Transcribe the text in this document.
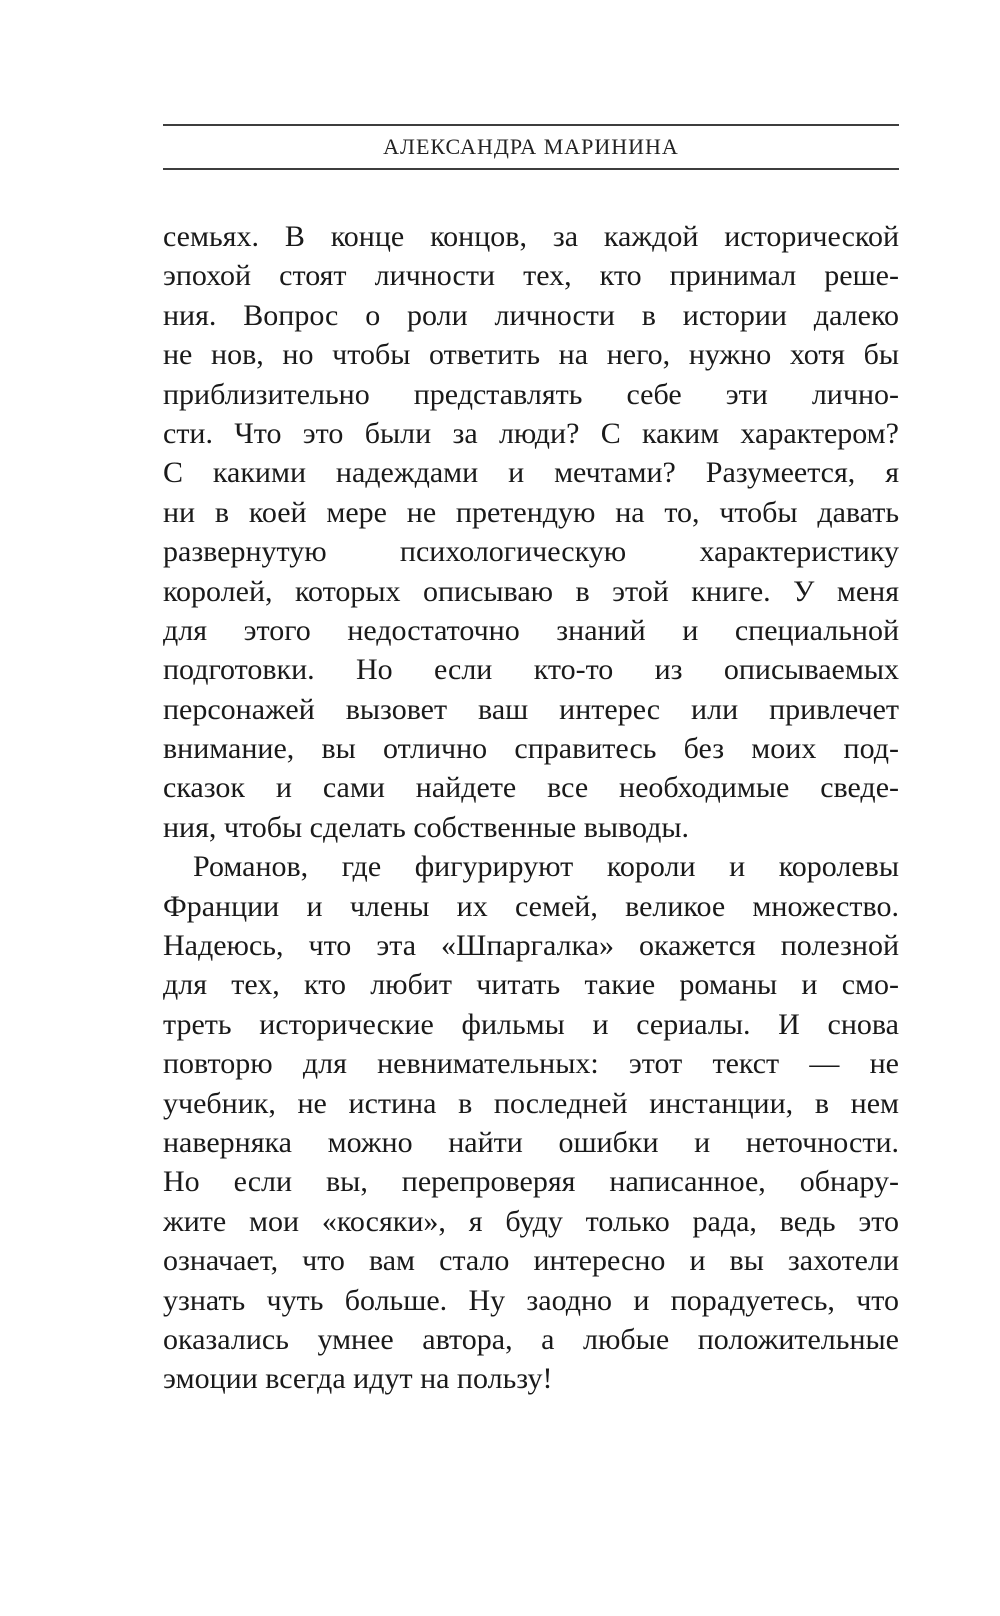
АЛЕКСАНДРА МАРИНИНА
семьях. В конце концов, за каждой исторической
эпохой стоят личности тех, кто принимал реше-
ния. Вопрос о роли личности в истории далеко
не нов, но чтобы ответить на него, нужно хотя бы
приблизительно представлять себе эти лично-
сти. Что это были за люди? С каким характером?
С какими надеждами и мечтами? Разумеется, я
ни в коей мере не претендую на то, чтобы давать
развернутую психологическую характеристику
королей, которых описываю в этой книге. У меня
для этого недостаточно знаний и специальной
подготовки. Но если кто-то из описываемых
персонажей вызовет ваш интерес или привлечет
внимание, вы отлично справитесь без моих под-
сказок и сами найдете все необходимые сведе-
ния, чтобы сделать собственные выводы.
Романов, где фигурируют короли и королевы
Франции и члены их семей, великое множество.
Надеюсь, что эта «Шпаргалка» окажется полезной
для тех, кто любит читать такие романы и смо-
треть исторические фильмы и сериалы. И снова
повторю для невнимательных: этот текст — не
учебник, не истина в последней инстанции, в нем
наверняка можно найти ошибки и неточности.
Но если вы, перепроверяя написанное, обнару-
жите мои «косяки», я буду только рада, ведь это
означает, что вам стало интересно и вы захотели
узнать чуть больше. Ну заодно и порадуетесь, что
оказались умнее автора, а любые положительные
эмоции всегда идут на пользу!
